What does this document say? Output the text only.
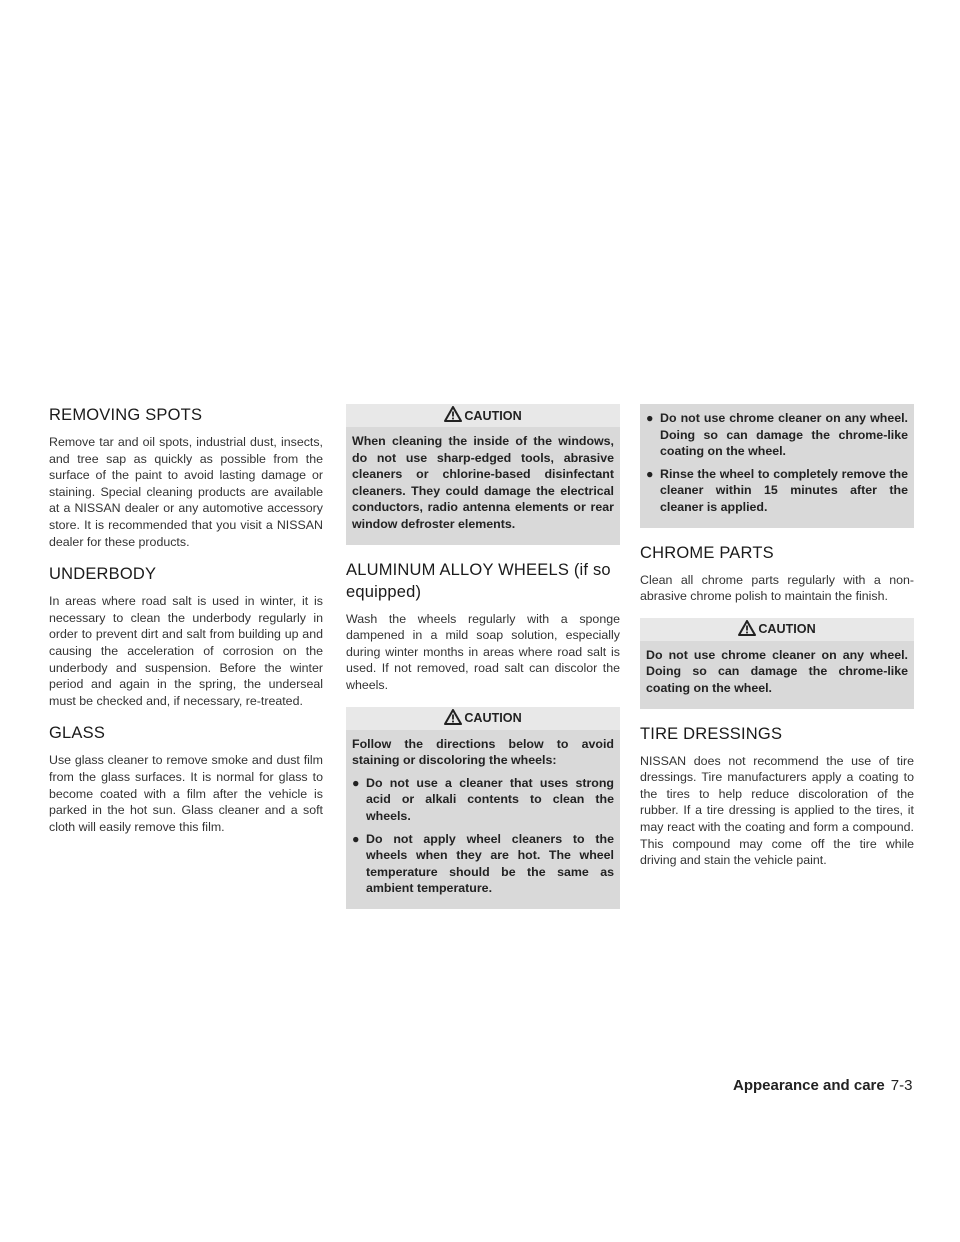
REMOVING SPOTS

Remove tar and oil spots, industrial dust, insects, and tree sap as quickly as possible from the surface of the paint to avoid lasting damage or staining. Special cleaning products are available at a NISSAN dealer or any automotive accessory store. It is recommended that you visit a NISSAN dealer for these products.

UNDERBODY

In areas where road salt is used in winter, it is necessary to clean the underbody regularly in order to prevent dirt and salt from building up and causing the acceleration of corrosion on the underbody and suspension. Before the winter period and again in the spring, the underseal must be checked and, if necessary, re-treated.

GLASS

Use glass cleaner to remove smoke and dust film from the glass surfaces. It is normal for glass to become coated with a film after the vehicle is parked in the hot sun. Glass cleaner and a soft cloth will easily remove this film.

CAUTION

When cleaning the inside of the windows, do not use sharp-edged tools, abrasive cleaners or chlorine-based disinfectant cleaners. They could damage the electrical conductors, radio antenna elements or rear window defroster elements.

ALUMINUM ALLOY WHEELS (if so equipped)

Wash the wheels regularly with a sponge dampened in a mild soap solution, especially during winter months in areas where road salt is used. If not removed, road salt can discolor the wheels.

CAUTION

Follow the directions below to avoid staining or discoloring the wheels:

● Do not use a cleaner that uses strong acid or alkali contents to clean the wheels.
● Do not apply wheel cleaners to the wheels when they are hot. The wheel temperature should be the same as ambient temperature.
● Do not use chrome cleaner on any wheel. Doing so can damage the chrome-like coating on the wheel.
● Rinse the wheel to completely remove the cleaner within 15 minutes after the cleaner is applied.
CHROME PARTS

Clean all chrome parts regularly with a non-abrasive chrome polish to maintain the finish.

CAUTION

Do not use chrome cleaner on any wheel. Doing so can damage the chrome-like coating on the wheel.

TIRE DRESSINGS

NISSAN does not recommend the use of tire dressings. Tire manufacturers apply a coating to the tires to help reduce discoloration of the rubber. If a tire dressing is applied to the tires, it may react with the coating and form a compound. This compound may come off the tire while driving and stain the vehicle paint.

Appearance and care 7-3
